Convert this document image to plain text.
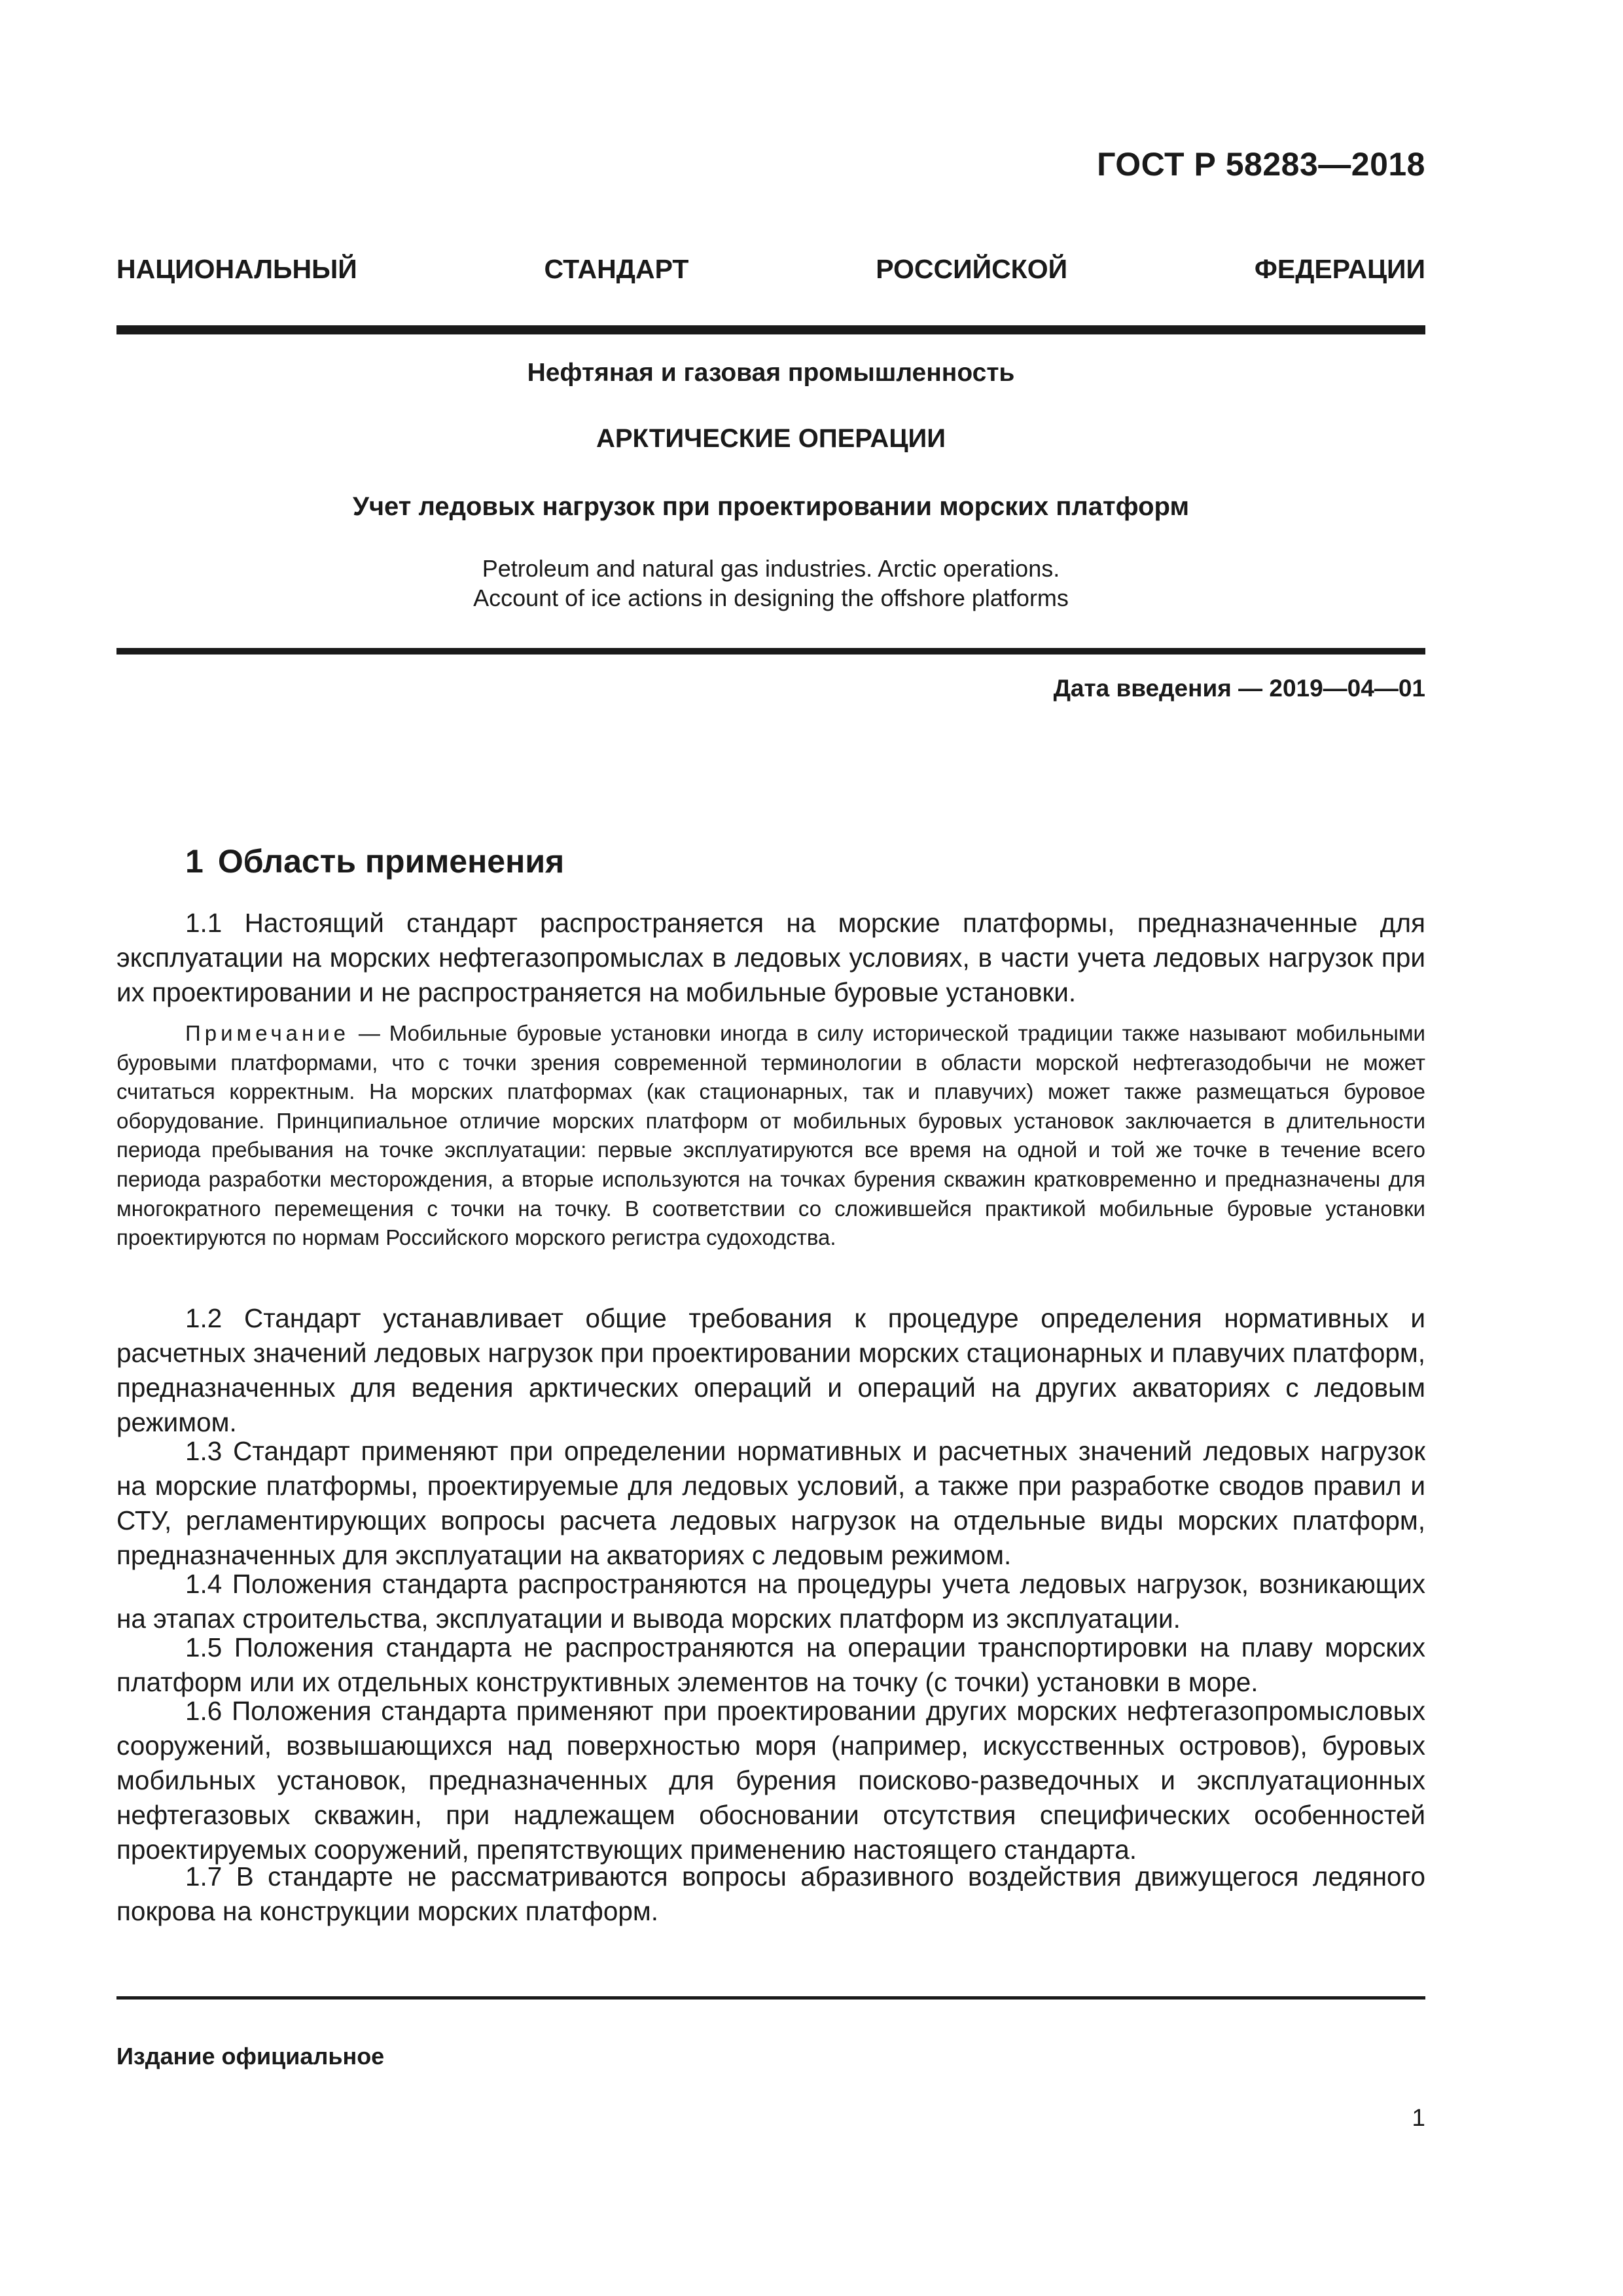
ГОСТ Р 58283—2018
НАЦИОНАЛЬНЫЙ СТАНДАРТ РОССИЙСКОЙ ФЕДЕРАЦИИ
Нефтяная и газовая промышленность
АРКТИЧЕСКИЕ ОПЕРАЦИИ
Учет ледовых нагрузок при проектировании морских платформ
Petroleum and natural gas industries. Arctic operations.
Account of ice actions in designing the offshore platforms
Дата введения — 2019—04—01
1 Область применения
1.1 Настоящий стандарт распространяется на морские платформы, предназначенные для эксплуатации на морских нефтегазопромыслах в ледовых условиях, в части учета ледовых нагрузок при их проектировании и не распространяется на мобильные буровые установки.
Примечание — Мобильные буровые установки иногда в силу исторической традиции также называют мобильными буровыми платформами, что с точки зрения современной терминологии в области морской нефтегазодобычи не может считаться корректным. На морских платформах (как стационарных, так и плавучих) может также размещаться буровое оборудование. Принципиальное отличие морских платформ от мобильных буровых установок заключается в длительности периода пребывания на точке эксплуатации: первые эксплуатируются все время на одной и той же точке в течение всего периода разработки месторождения, а вторые используются на точках бурения скважин кратковременно и предназначены для многократного перемещения с точки на точку. В соответствии со сложившейся практикой мобильные буровые установки проектируются по нормам Российского морского регистра судоходства.
1.2 Стандарт устанавливает общие требования к процедуре определения нормативных и расчетных значений ледовых нагрузок при проектировании морских стационарных и плавучих платформ, предназначенных для ведения арктических операций и операций на других акваториях с ледовым режимом.
1.3 Стандарт применяют при определении нормативных и расчетных значений ледовых нагрузок на морские платформы, проектируемые для ледовых условий, а также при разработке сводов правил и СТУ, регламентирующих вопросы расчета ледовых нагрузок на отдельные виды морских платформ, предназначенных для эксплуатации на акваториях с ледовым режимом.
1.4 Положения стандарта распространяются на процедуры учета ледовых нагрузок, возникающих на этапах строительства, эксплуатации и вывода морских платформ из эксплуатации.
1.5 Положения стандарта не распространяются на операции транспортировки на плаву морских платформ или их отдельных конструктивных элементов на точку (с точки) установки в море.
1.6 Положения стандарта применяют при проектировании других морских нефтегазопромысловых сооружений, возвышающихся над поверхностью моря (например, искусственных островов), буровых мобильных установок, предназначенных для бурения поисково-разведочных и эксплуатационных нефтегазовых скважин, при надлежащем обосновании отсутствия специфических особенностей проектируемых сооружений, препятствующих применению настоящего стандарта.
1.7 В стандарте не рассматриваются вопросы абразивного воздействия движущегося ледяного покрова на конструкции морских платформ.
Издание официальное
1
